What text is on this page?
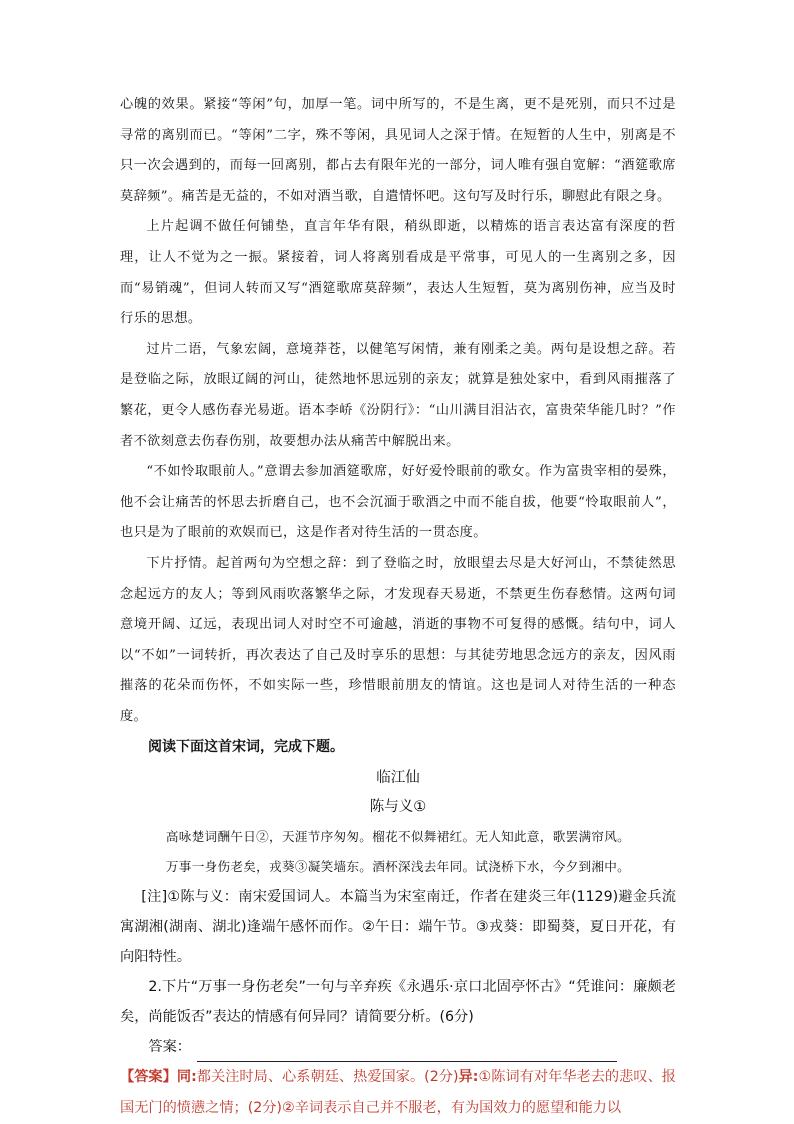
心魄的效果。紧接“等闲”句，加厚一笔。词中所写的，不是生离，更不是死别，而只不过是寻常的离别而已。“等闲”二字，殊不等闲，具见词人之深于情。在短暂的人生中，别离是不只一次会遇到的，而每一回离别，都占去有限年光的一部分，词人唯有强自宽解：“酒筵歌席莫辞频”。痛苦是无益的，不如对酒当歌，自遣情怀吧。这句写及时行乐，聊慰此有限之身。

上片起调不做任何铺垫，直言年华有限，稍纵即逝，以精炼的语言表达富有深度的哲理，让人不觉为之一振。紧接着，词人将离别看成是平常事，可见人的一生离别之多，因而“易销魂”，但词人转而又写“酒筵歌席莫辞频”，表达人生短暂，莫为离别伤神，应当及时行乐的思想。

过片二语，气象宏阔，意境莽苍，以健笔写闲情，兼有刚柔之美。两句是设想之辞。若是登临之际，放眼辽阔的河山，徒然地怀思远别的亲友；就算是独处家中，看到风雨摧落了繁花，更令人感伤春光易逝。语本李峤《汾阴行》：“山川满目泪沾衣，富贵荣华能几时？”作者不欲刻意去伤春伤别，故要想办法从痛苦中解脱出来。

“不如怜取眼前人。”意谓去参加酒筵歌席，好好爱怜眼前的歌女。作为富贵宰相的晏殊，他不会让痛苦的怀思去折磨自己，也不会沉湎于歌酒之中而不能自拔，他要“怜取眼前人”，也只是为了眼前的欢娱而已，这是作者对待生活的一贯态度。

下片抒情。起首两句为空想之辞：到了登临之时，放眼望去尽是大好河山，不禁徒然思念起远方的友人；等到风雨吹落繁华之际，才发现春天易逝，不禁更生伤春愁情。这两句词意境开阔、辽远，表现出词人对时空不可逾越，消逝的事物不可复得的感慨。结句中，词人以“不如”一词转折，再次表达了自己及时享乐的思想：与其徒劳地思念远方的亲友，因风雨摧落的花朵而伤怀，不如实际一些，珍惜眼前朋友的情谊。这也是词人对待生活的一种态度。

阅读下面这首宋词，完成下题。

临江仙

陈与义①

高咏楚词酬午日②，天涯节序匆匆。榴花不似舞裙红。无人知此意，歌罢满帘风。

万事一身伤老矣，戎葵③凝笑墙东。酒杯深浅去年同。试浇桥下水，今夕到湘中。

[注]①陈与义：南宋爱国词人。本篇当为宋室南迁，作者在建炎三年(1129)避金兵流寓湖湘(湖南、湖北)逢端午感怀而作。②午日：端午节。③戎葵：即蜀葵，夏日开花，有向阳特性。

2.下片“万事一身伤老矣”一句与辛弃疾《永遇乐·京口北固亭怀古》“凭谁问：廉颇老矣，尚能饭否”表达的情感有何异同？请简要分析。(6分)

答案：

【答案】同:都关注时局、心系朝廷、热爱国家。(2分)异:①陈词有对年华老去的悲叹、报国无门的愤懑之情；(2分)②辛词表示自己并不服老，有为国效力的愿望和能力以
